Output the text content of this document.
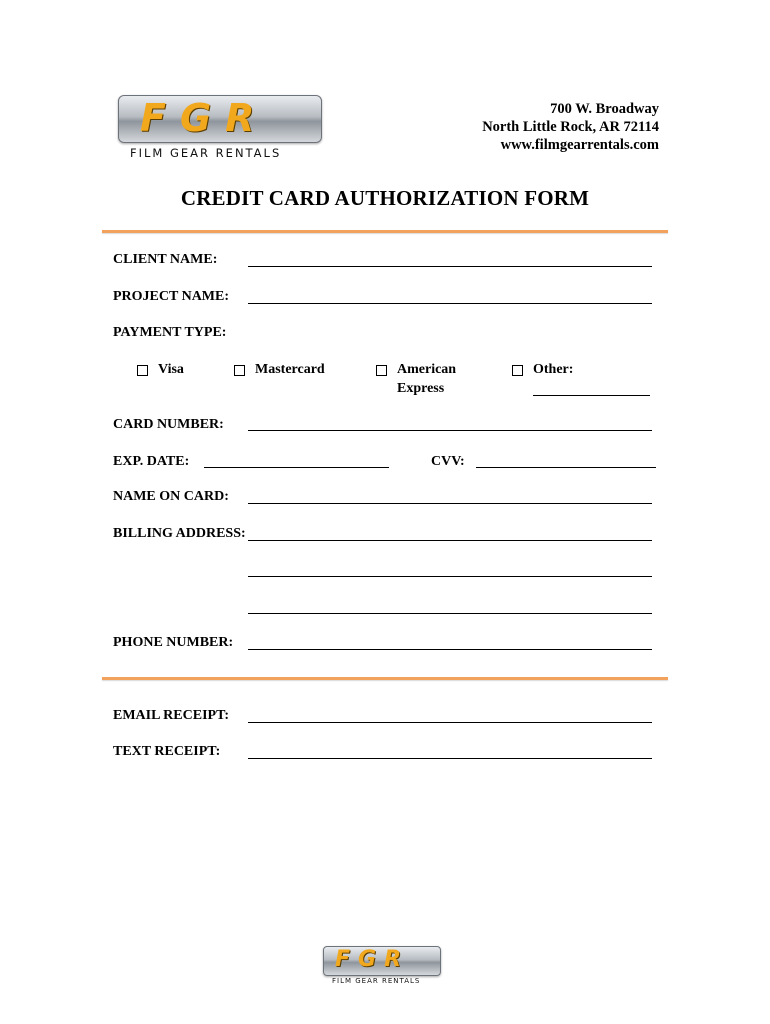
FGR
FILM GEAR RENTALS
700 W. Broadway
North Little Rock, AR 72114
www.filmgearrentals.com
CREDIT CARD AUTHORIZATION FORM
CLIENT NAME:
PROJECT NAME:
PAYMENT TYPE:
Visa	Mastercard	American
Express
Other:
CARD NUMBER:
EXP. DATE:	CVV:
NAME ON CARD:
BILLING ADDRESS:
PHONE NUMBER:
EMAIL RECEIPT:
TEXT RECEIPT:
FGR
FILM GEAR RENTALS
